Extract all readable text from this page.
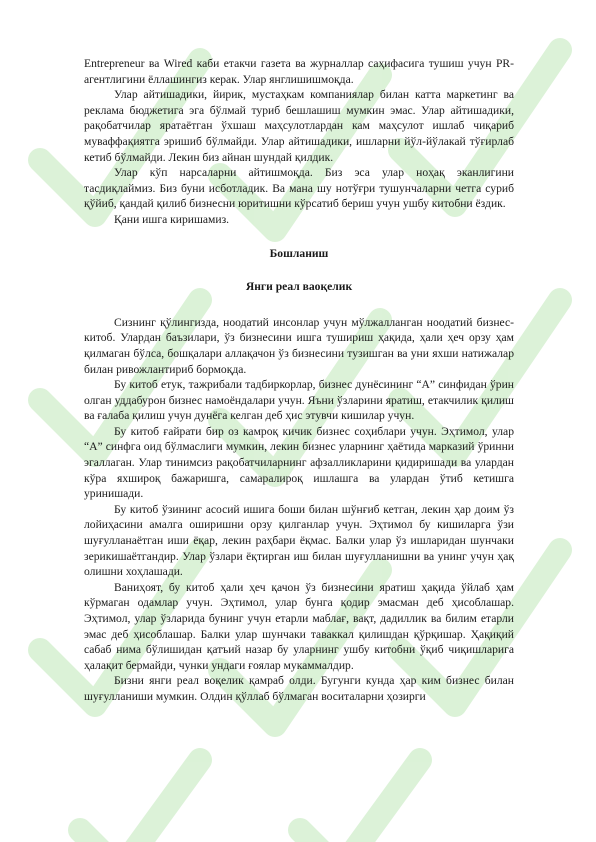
Entrepreneur ва Wired каби етакчи газета ва журналлар саҳифасига тушиш учун PR-агентлигини ёллашингиз керак. Улар янглишишмоқда.

Улар айтишадики, йирик, мустаҳкам компаниялар билан катта маркетинг ва реклама бюджетига эга бўлмай туриб бешлашиш мумкин эмас. Улар айтишадики, рақобатчилар яратаётган ўхшаш маҳсулотлардан кам маҳсулот ишлаб чиқариб муваффақиятга эришиб бўлмайди. Улар айтишадики, ишларни йўл-йўлакай тўғирлаб кетиб бўлмайди. Лекин биз айнан шундай қилдик.

Улар кўп нарсаларни айтишмоқда. Биз эса улар ноҳақ эканлигини тасдиқлаймиз. Биз буни исботладик. Ва мана шу нотўғри тушунчаларни четга суриб қўйиб, қандай қилиб бизнесни юритишни кўрсатиб бериш учун ушбу китобни ёздик.

Қани ишга киришамиз.

Бошланиш
Янги реал ваоқелик

Сизнинг қўлингизда, ноодатий инсонлар учун мўлжалланган ноодатий бизнес-китоб. Улардан баъзилари, ўз бизнесини ишга тушириш ҳақида, ҳали ҳеч орзу ҳам қилмаган бўлса, бошқалари аллақачон ўз бизнесини тузишган ва уни яхши натижалар билан ривожлантириб бормоқда.

Бу китоб етук, тажрибали тадбиркорлар, бизнес дунёсининг “А” синфидан ўрин олган уддабурон бизнес намоёндалари учун. Яъни ўзларини яратиш, етакчилик қилиш ва ғалаба қилиш учун дунёга келган деб ҳис этувчи кишилар учун.

Бу китоб ғайрати бир оз камроқ кичик бизнес соҳиблари учун. Эҳтимол, улар “А” синфга оид бўлмаслиги мумкин, лекин бизнес уларнинг ҳаётида марказий ўринни эгаллаган. Улар тинимсиз рақобатчиларнинг афзалликларини қидиришади ва улардан кўра яхшироқ бажаришга, самаралироқ ишлашга ва улардан ўтиб кетишга уринишади.

Бу китоб ўзининг асосий ишига боши билан шўнғиб кетган, лекин ҳар доим ўз лойиҳасини амалга оширишни орзу қилганлар учун. Эҳтимол бу кишиларга ўзи шуғулланаётган иши ёқар, лекин раҳбари ёқмас. Балки улар ўз ишларидан шунчаки зерикишаётгандир. Улар ўзлари ёқтирган иш билан шуғулланишни ва унинг учун ҳақ олишни хоҳлашади.

Ваниҳоят, бу китоб ҳали ҳеч қачон ўз бизнесини яратиш ҳақида ўйлаб ҳам кўрмаган одамлар учун. Эҳтимол, улар бунга қодир эмасман деб ҳисоблашар. Эҳтимол, улар ўзларида бунинг учун етарли маблағ, вақт, дадиллик ва билим етарли эмас деб ҳисоблашар. Балки улар шунчаки таваккал қилишдан қўрқишар. Ҳақиқий сабаб нима бўлишидан қатъий назар бу уларнинг ушбу китобни ўқиб чиқишларига ҳалақит бермайди, чунки ундаги ғоялар мукаммалдир.

Бизни янги реал воқелик қамраб олди. Бугунги кунда ҳар ким бизнес билан шуғулланиши мумкин. Олдин қўллаб бўлмаган воситаларни ҳозирги
